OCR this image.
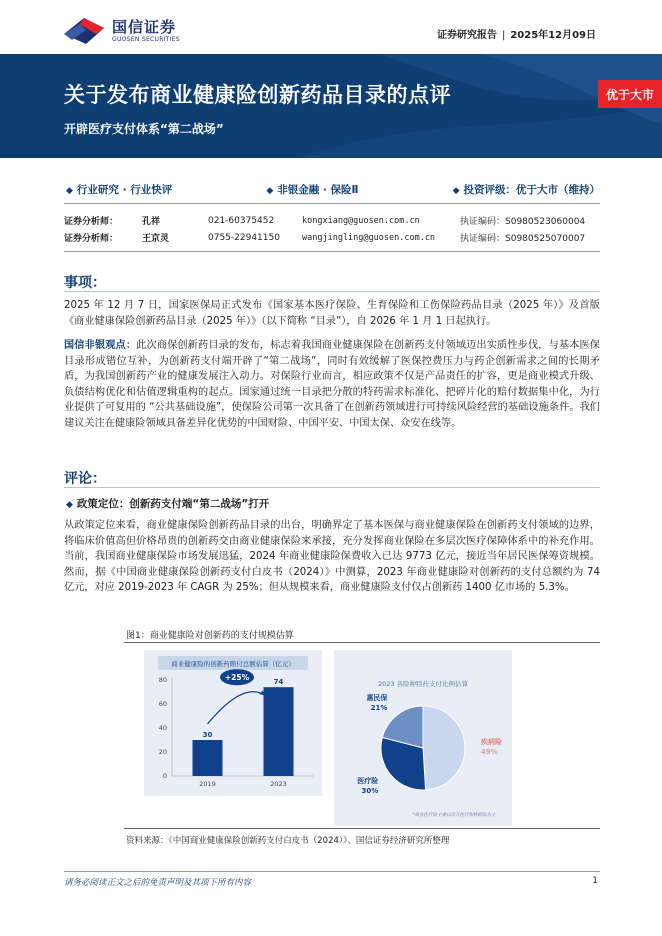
国信证券
GUOSEN SECURITIES	证券研究报告 | 2025年12月09日
关于发布商业健康险创新药品目录的点评
开辟医疗支付体系“第二战场”
优于大市
◆ 行业研究 · 行业快评	◆ 非银金融 · 保险Ⅱ	◆ 投资评级：优于大市（维持）
证券分析师：	孔祥	021-60375452	kongxiang@guosen.com.cn	执证编码：S0980523060004
证券分析师：	王京灵	0755-22941150	wangjingling@guosen.com.cn	执证编码：S0980525070007
事项：
2025 年 12 月 7 日，国家医保局正式发布《国家基本医疗保险、生育保险和工伤保险药品目录（2025 年）》及首版《商业健康保险创新药品目录（2025 年）》（以下简称 “目录”），自 2026 年 1 月 1 日起执行。
国信非银观点：此次商保创新药目录的发布，标志着我国商业健康保险在创新药支付领域迈出实质性步伐，与基本医保目录形成错位互补，为创新药支付端开辟了“第二战场”，同时有效缓解了医保控费压力与药企创新需求之间的长期矛盾，为我国创新药产业的健康发展注入动力。对保险行业而言，相应政策不仅是产品责任的扩容，更是商业模式升级、负债结构优化和估值逻辑重构的起点。国家通过统一目录把分散的特药需求标准化、把碎片化的赔付数据集中化，为行业提供了可复用的 “公共基础设施”，使保险公司第一次具备了在创新药领域进行可持续风险经营的基础设施条件。我们建议关注在健康险领域具备差异化优势的中国财险、中国平安、中国太保、众安在线等。
评论：
◆ 政策定位：创新药支付端“第二战场”打开
从政策定位来看，商业健康保险创新药品目录的出台，明确界定了基本医保与商业健康保险在创新药支付领域的边界，将临床价值高但价格昂贵的创新药交由商业健康保险来承接，充分发挥商业保险在多层次医疗保障体系中的补充作用。当前，我国商业健康保险市场发展迅猛，2024 年商业健康险保费收入已达 9773 亿元，接近当年居民医保筹资规模。然而，据《中国商业健康保险创新药支付白皮书（2024）》中测算，2023 年商业健康险对创新药的支付总额约为 74 亿元，对应 2019-2023 年 CAGR 为 25%；但从规模来看，商业健康险支付仅占创新药 1400 亿市场的 5.3%。
图1：商业健康险对创新药的支付规模估算
商业健康险的创新药赔付总额估算（亿元）
0
20
40
60
80
30
2019
74
2023
+25%
2023 各险种特药支付比例估算
惠民保
21%
疾病险
49%
医疗险
30%
*商业医疗险主要以百万医疗和特药险为主
资料来源：《中国商业健康保险创新药支付白皮书（2024）》、国信证券经济研究所整理
请务必阅读正文之后的免责声明及其项下所有内容	1
